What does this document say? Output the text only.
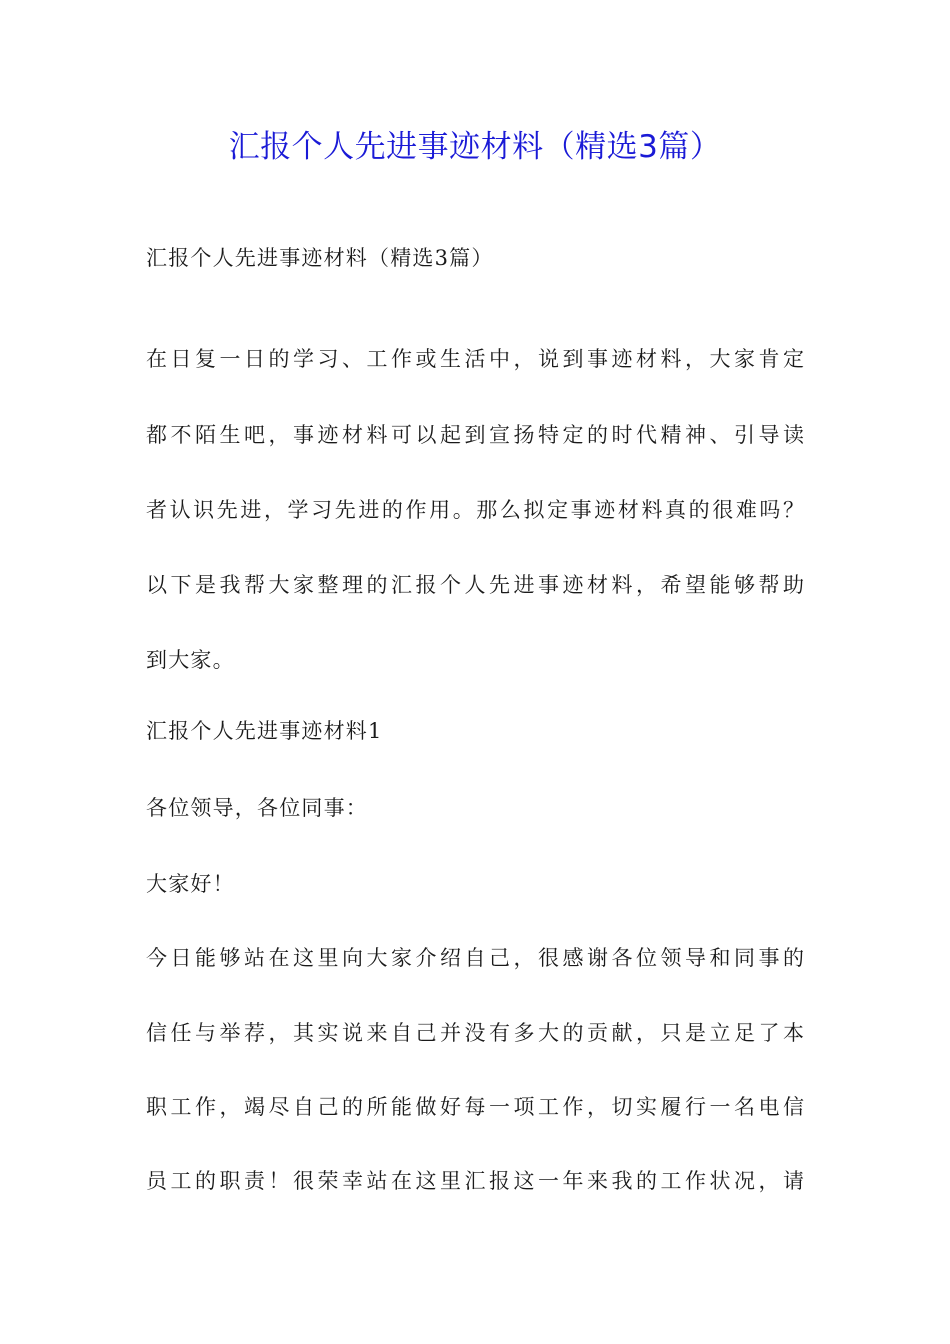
汇报个人先进事迹材料（精选3篇）
汇报个人先进事迹材料（精选3篇）
在日复一日的学习、工作或生活中，说到事迹材料，大家肯定
都不陌生吧，事迹材料可以起到宣扬特定的时代精神、引导读
者认识先进，学习先进的作用。那么拟定事迹材料真的很难吗？
以下是我帮大家整理的汇报个人先进事迹材料，希望能够帮助
到大家。
汇报个人先进事迹材料1
各位领导，各位同事：
大家好！
今日能够站在这里向大家介绍自己，很感谢各位领导和同事的
信任与举荐，其实说来自己并没有多大的贡献，只是立足了本
职工作，竭尽自己的所能做好每一项工作，切实履行一名电信
员工的职责！很荣幸站在这里汇报这一年来我的工作状况，请
